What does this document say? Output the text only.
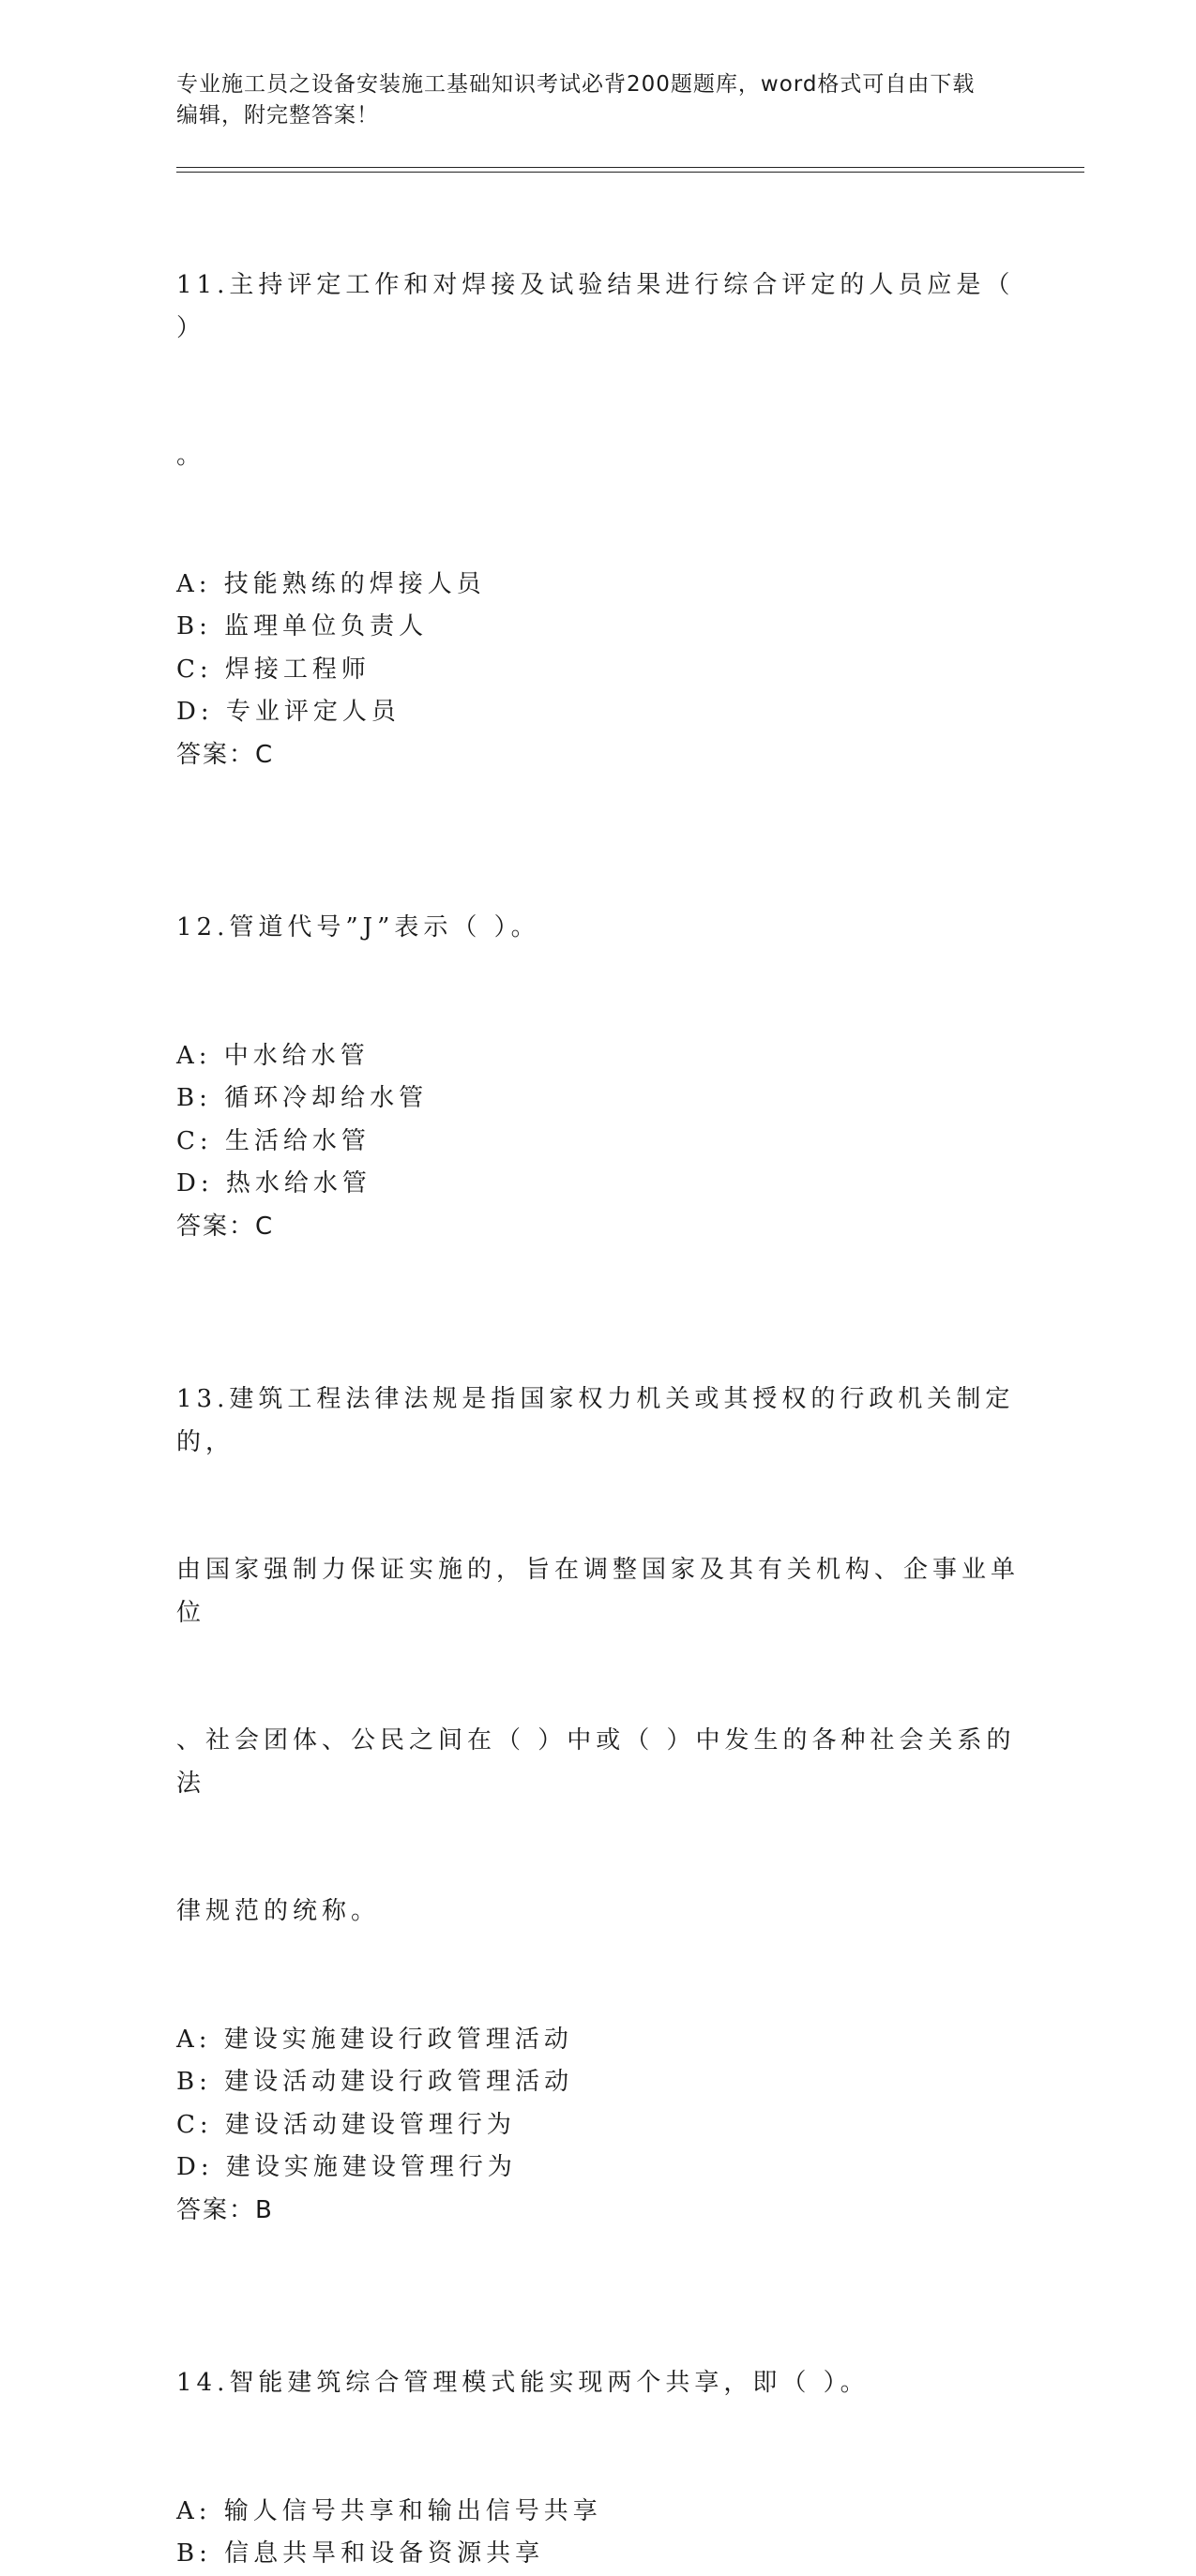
专业施工员之设备安装施工基础知识考试必背200题题库，word格式可自由下载
编辑，附完整答案！

11.主持评定工作和对焊接及试验结果进行综合评定的人员应是（ ）

。

A: 技能熟练的焊接人员
B: 监理单位负责人
C: 焊接工程师
D: 专业评定人员
答案：C

12.管道代号”J”表示（ ）。

A: 中水给水管
B: 循环冷却给水管
C: 生活给水管
D: 热水给水管
答案：C

13.建筑工程法律法规是指国家权力机关或其授权的行政机关制定的，

由国家强制力保证实施的，旨在调整国家及其有关机构、企事业单位

、社会团体、公民之间在（ ）中或（ ）中发生的各种社会关系的法

律规范的统称。

A: 建设实施建设行政管理活动
B: 建设活动建设行政管理活动
C: 建设活动建设管理行为
D: 建设实施建设管理行为
答案：B

14.智能建筑综合管理模式能实现两个共享，即（ ）。

A: 输人信号共享和输出信号共享
B: 信息共旱和设备资源共享
